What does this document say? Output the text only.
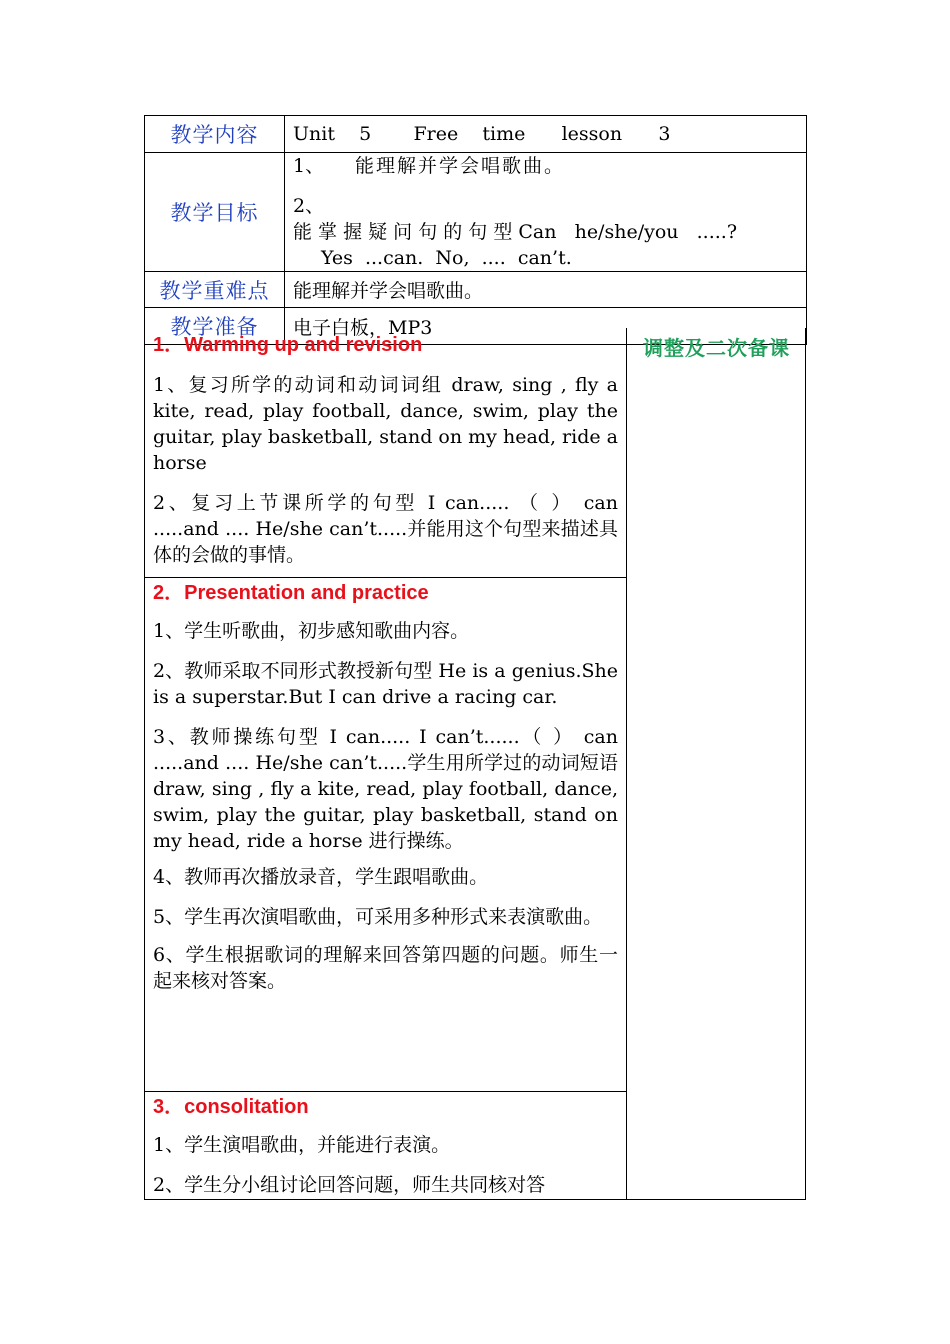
教学内容	Unit    5       Free    time      lesson      3
教学目标	1、 能理解并学会唱歌曲。

2、能 掌 握 疑 问 句 的 句 型 Can   he/she/you   .....?

Yes  ...can.  No,  ....  can’t.

教学重难点	能理解并学会唱歌曲。
教学准备	电子白板，MP3

1．Warming up and revision

1、复习所学的动词和动词词组 draw, sing , fly a kite, read, play football, dance, swim, play the guitar, play basketball, stand on my head, ride a horse

2、复习上节课所学的句型 I can..... （ ） can .....and .... He/she can’t.....并能用这个句型来描述具体的会做的事情。

2．Presentation and practice

1、学生听歌曲，初步感知歌曲内容。

2、教师采取不同形式教授新句型 He is a genius.She is a superstar.But I can drive a racing car.

3、教师操练句型 I can..... I can’t......（ ） can .....and .... He/she can’t.....学生用所学过的动词短语 draw, sing , fly a kite, read, play football, dance, swim, play the guitar, play basketball, stand on my head, ride a horse 进行操练。

4、教师再次播放录音，学生跟唱歌曲。

5、学生再次演唱歌曲，可采用多种形式来表演歌曲。

6、学生根据歌词的理解来回答第四题的问题。师生一起来核对答案。

3．consolitation

1、学生演唱歌曲，并能进行表演。

2、学生分小组讨论回答问题，师生共同核对答

调整及二次备课
